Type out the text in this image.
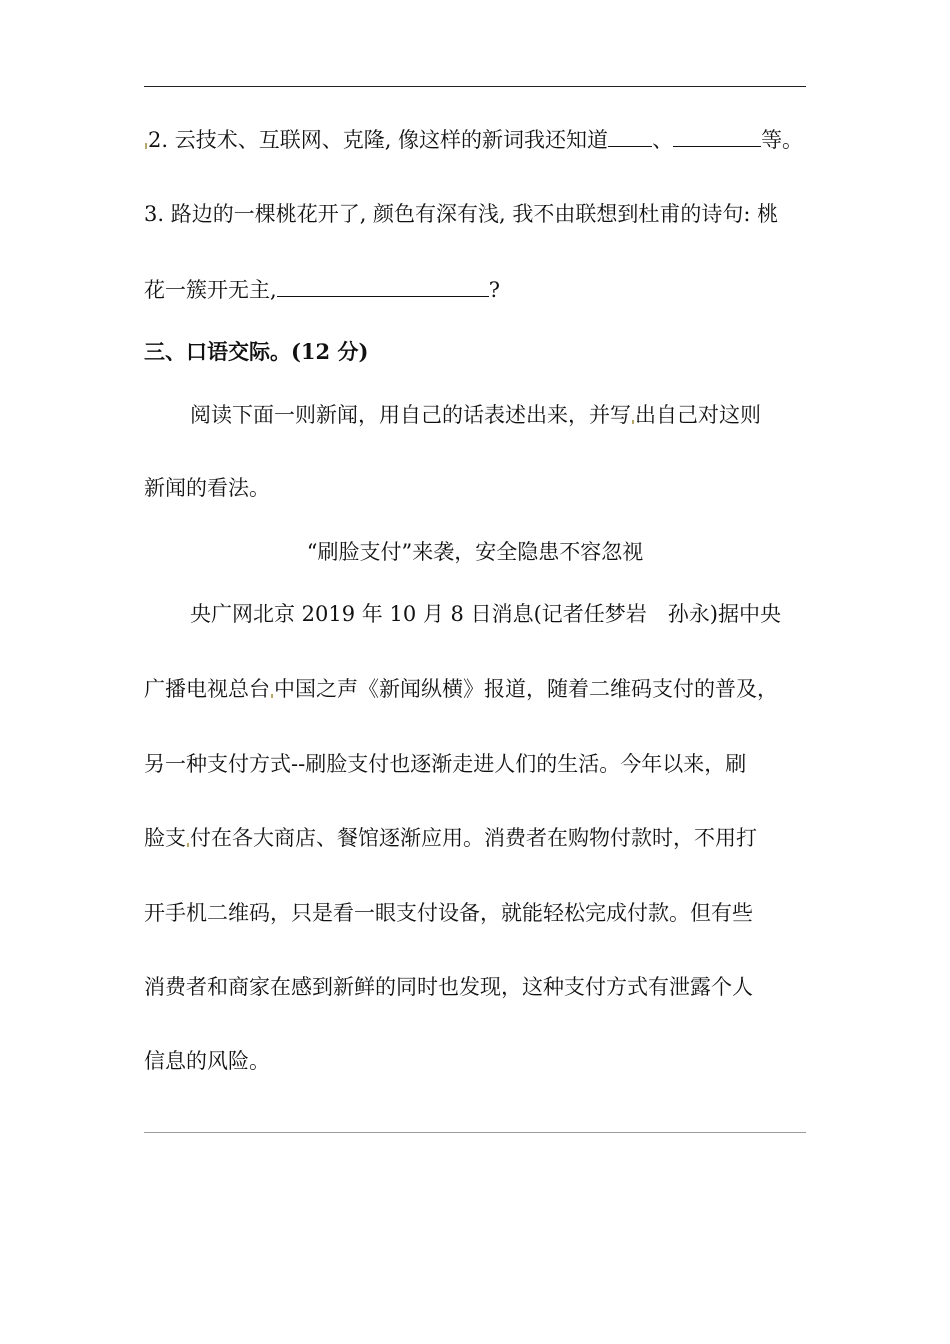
2. 云技术、互联网、克隆, 像这样的新词我还知道 、	等。
3. 路边的一棵桃花开了, 颜色有深有浅, 我不由联想到杜甫的诗句: 桃
花一簇开无主,	?
三、口语交际。(12 分)
阅读下面一则新闻，用自己的话表述出来，并写 出自己对这则
新闻的看法。
“刷脸支付”来袭，安全隐患不容忽视
央广网北京 2019 年 10 月 8 日消息(记者任梦岩　孙永)据中央
广播电视总台 中国之声《新闻纵横》报道，随着二维码支付的普及，
另一种支付方式--刷脸支付也逐渐走进人们的生活。今年以来，刷
脸支 付在各大商店、餐馆逐渐应用。消费者在购物付款时，不用打
开手机二维码，只是看一眼支付设备，就能轻松完成付款。但有些
消费者和商家在感到新鲜的同时也发现，这种支付方式有泄露个人
信息的风险。
